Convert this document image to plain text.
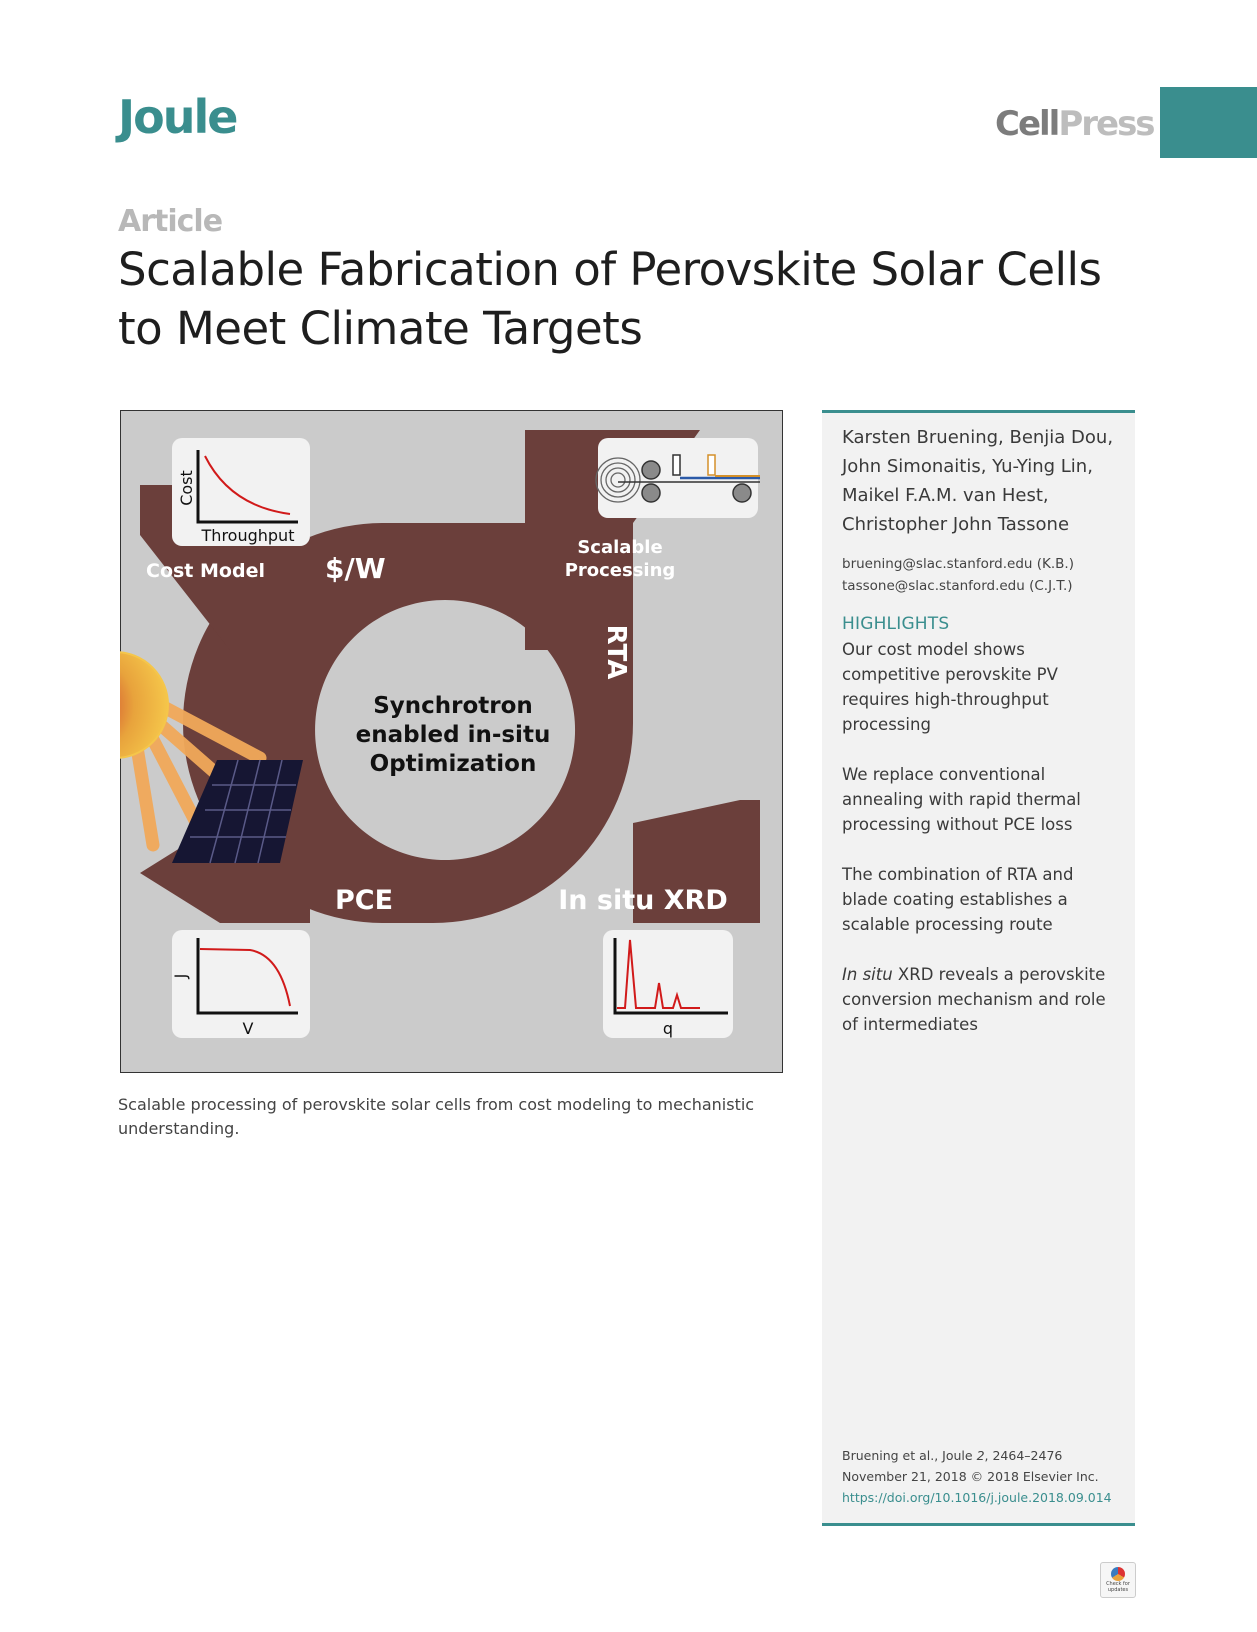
Joule	CellPress
Article
Scalable Fabrication of Perovskite Solar Cells
to Meet Climate Targets
Cost
Throughput
J
V	q
Cost Model $/W
Scalable
Processing
RTA
PCE	In situ XRD
Synchrotron
enabled in-situ
Optimization
Scalable processing of perovskite solar cells from cost modeling to mechanistic understanding.
Karsten Bruening, Benjia Dou,
John Simonaitis, Yu-Ying Lin,
Maikel F.A.M. van Hest,
Christopher John Tassone
bruening@slac.stanford.edu (K.B.)
tassone@slac.stanford.edu (C.J.T.)
HIGHLIGHTS
Our cost model shows competitive perovskite PV requires high-throughput processing
We replace conventional annealing with rapid thermal processing without PCE loss
The combination of RTA and blade coating establishes a scalable processing route
In situ XRD reveals a perovskite conversion mechanism and role of intermediates
Bruening et al., Joule 2, 2464–2476
November 21, 2018 © 2018 Elsevier Inc.
https://doi.org/10.1016/j.joule.2018.09.014
Check for
updates
